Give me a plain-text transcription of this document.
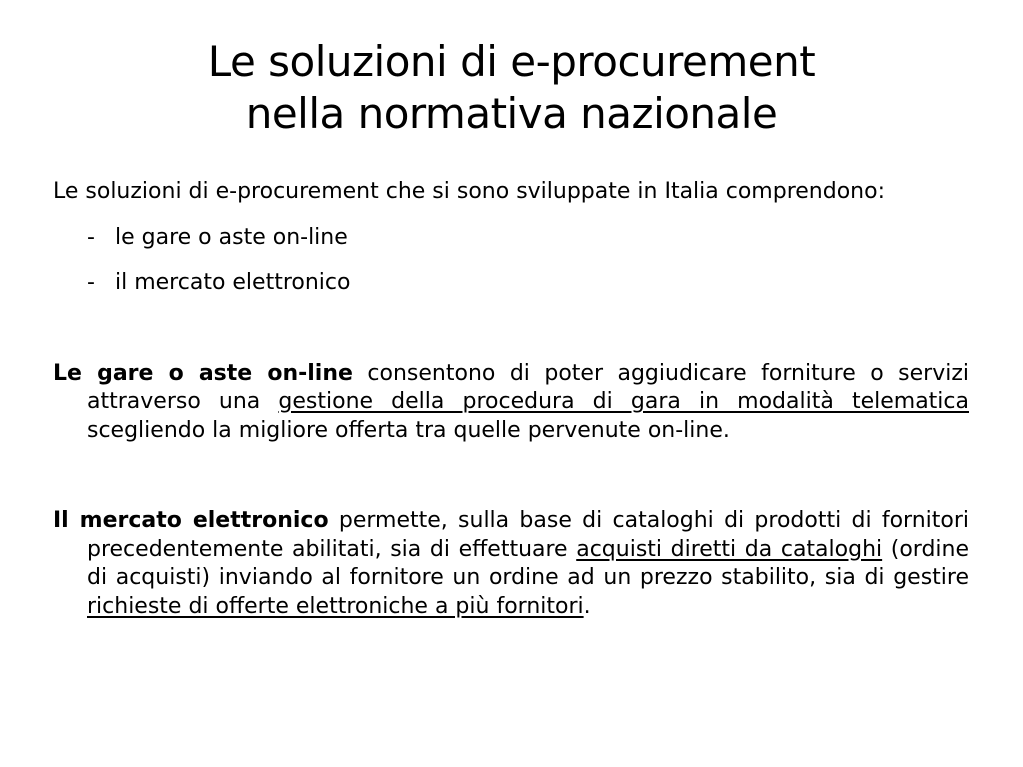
Le soluzioni di e-procurement
nella normativa nazionale

Le soluzioni di e-procurement che si sono sviluppate in Italia comprendono:

- le gare o aste on-line

- il mercato elettronico

Le gare o aste on-line consentono di poter aggiudicare forniture o servizi attraverso una gestione della procedura di gara in modalità telematica scegliendo la migliore offerta tra quelle pervenute on-line.

Il mercato elettronico permette, sulla base di cataloghi di prodotti di fornitori precedentemente abilitati, sia di effettuare acquisti diretti da cataloghi (ordine di acquisti) inviando al fornitore un ordine ad un prezzo stabilito, sia di gestire richieste di offerte elettroniche a più fornitori.
